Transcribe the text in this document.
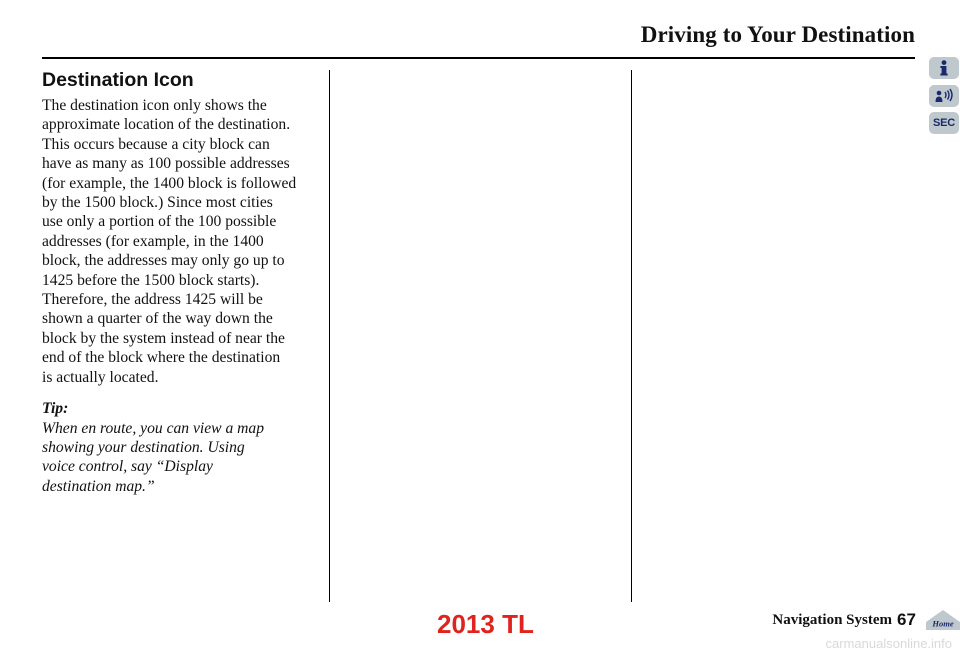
Driving to Your Destination
SEC
Destination Icon

The destination icon only shows the
approximate location of the destination.
This occurs because a city block can
have as many as 100 possible addresses
(for example, the 1400 block is followed
by the 1500 block.) Since most cities
use only a portion of the 100 possible
addresses (for example, in the 1400
block, the addresses may only go up to
1425 before the 1500 block starts).
Therefore, the address 1425 will be
shown a quarter of the way down the
block by the system instead of near the
end of the block where the destination
is actually located.

Tip:
When en route, you can view a map
showing your destination. Using
voice control, say “Display
destination map.”
Navigation System 67 Home
2013 TL
carmanualsonline.info
